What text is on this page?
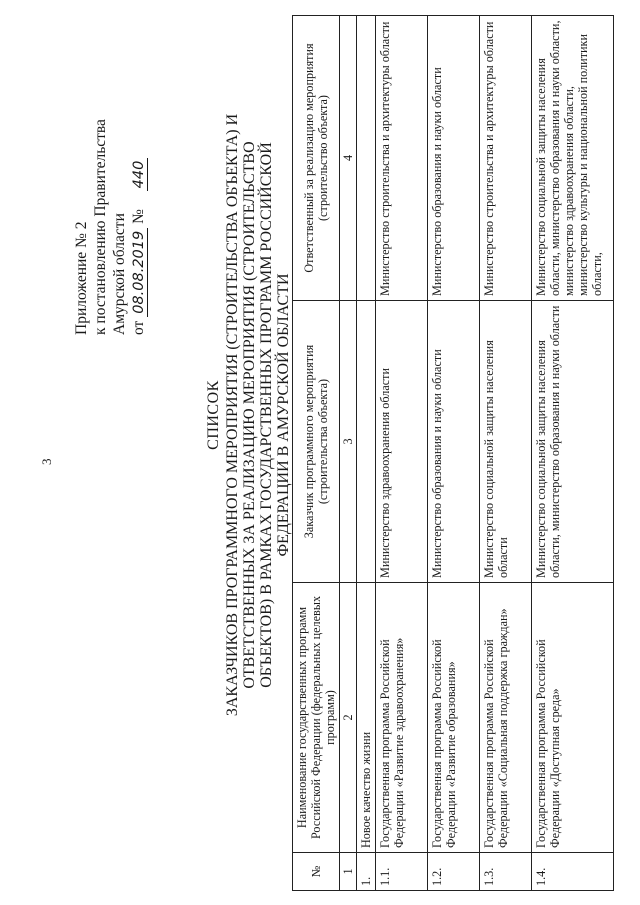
3
Приложение № 2 к постановлению Правительства Амурской области от 08.08.2019 №  440
СПИСОК ЗАКАЗЧИКОВ ПРОГРАММНОГО МЕРОПРИЯТИЯ (СТРОИТЕЛЬСТВА ОБЪЕКТА) И ОТВЕТСТВЕННЫХ ЗА РЕАЛИЗАЦИЮ МЕРОПРИЯТИЯ (СТРОИТЕЛЬСТВО ОБЪЕКТОВ) В РАМКАХ ГОСУДАРСТВЕННЫХ ПРОГРАММ РОССИЙСКОЙ ФЕДЕРАЦИИ В АМУРСКОЙ ОБЛАСТИ
№	Наименование государственных программ Российской Федерации (федеральных целевых программ)	Заказчик программного мероприятия (строительства объекта)	Ответственный за реализацию мероприятия (строительство объекта)
1	2	3	4
1.	Новое качество жизни		
1.1.	Государственная программа Российской Федерации «Развитие здравоохранения»	Министерство здравоохранения области	Министерство строительства и архитектуры области
1.2.	Государственная программа Российской Федерации «Развитие образования»	Министерство образования и науки области	Министерство образования и науки области
1.3.	Государственная программа Российской Федерации «Социальная поддержка граждан»	Министерство социальной защиты населения области	Министерство строительства и архитектуры области
1.4.	Государственная программа Российской Федерации «Доступная среда»	Министерство социальной защиты населения области, министерство образования и науки области	Министерство социальной защиты населения области, министерство образования и науки области, министерство здравоохранения области, министерство культуры и национальной политики области,
